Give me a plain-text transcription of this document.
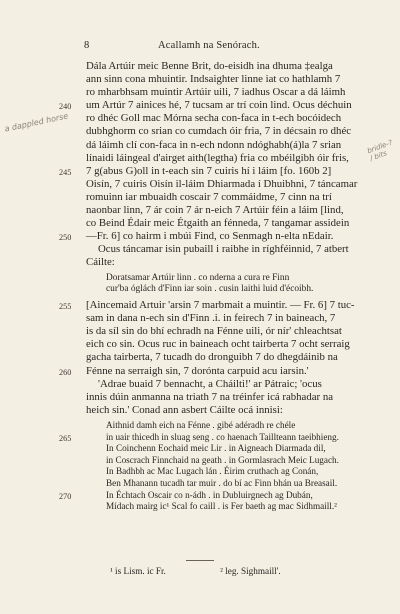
8	Acallamh na Senórach.
a dappled horse
bridle-? / bits
Dála Artúir meic Benne Brit, do-eisidh ina dhuma ‡ealga
ann sinn cona mhuintir. Indsaighter linne iat co hathlamh 7
ro mharbhsam muintir Artúir uili, 7 iadhus Oscar a dá láimh
240 um Artúr 7 ainices hé, 7 tucsam ar trí coin lind. Ocus déchuin
ro dhéc Goll mac Mórna secha con-faca in t-ech bocóidech
dubhghorm co srian co cumdach óir fria, 7 in décsain ro dhéc
dá láimh clí con-faca in n-ech ndonn ndóghabh(á)la 7 srian
línaidi láingeal d'airget aith(legtha) fria co mbéilgibh óir fris,
245 7 g(abus G)oll in t-each sin 7 cuiris hí i láim [fo. 160b 2]
Oisín, 7 cuiris Oisín il-láim Dhiarmada í Dhuibhni, 7 táncamar
romuinn iar mbuaidh coscair 7 commáidme, 7 cinn na trí
naonbar linn, 7 ár coin 7 ár n-eich 7 Artúir féin a láim [lind,
co Beind Édair meic Étgaith an fénneda, 7 tangamar assidein
250 —Fr. 6] co hairm i mbúi Find, co Senmagh n-elta nEdair.
Ocus táncamar isin pubaill i raibhe in ríghféinnid, 7 atbert
Cáilte:
Doratsamar Artúir linn . co nderna a cura re Finn
cur'ba óglách d'Finn iar soin . cusin laithi luid d'écoibh.
255 [Aincemaid Artuir 'arsin 7 marbmait a muintir. — Fr. 6] 7 tuc-
sam in dana n-ech sin d'Finn .i. in feirech 7 in baineach, 7
is da síl sin do bhí echradh na Fénne uili, ór nír' chleachtsat
eich co sin. Ocus ruc in baineach ocht tairberta 7 ocht serraig
gacha tairberta, 7 tucadh do dronguibh 7 do dhegdáinib na
260 Fénne na serraigh sin, 7 doróntа carpuid acu iarsin.'
'Adrae buaid 7 bennacht, a Cháilti!' ar Pátraic; 'ocus
innis dúin anmanna na triath 7 na tréinfer icá rabhadar na
heich sin.' Conad ann asbert Cáilte ocá innisi:
Aithnid damh eich na Fénne . gibé adéradh re chéle
265	in uair thicedh in sluag seng . co haenach Taillteann taeibhieng.
In Coinchenn Eochaid meic Lir . in Aigneach Diarmada dil,
in Coscrach Finnchaid na geath . in Gormlasrach Meic Lugach.
In Badhbh ac Mac Lugach lán . Éirim cruthach ag Conán,
Ben Mhanann tucadh tar muir . do bí ac Finn bhán ua Breasail.
270	In Échtach Oscair co n-ádh . in Dubluirgnech ag Dubán,
Mídach mairg ic¹ Scal fo caill . is Fer baeth ag mac Sidhmaill.²
¹ is Lism. ic Fr.	² leg. Sighmaill'.
